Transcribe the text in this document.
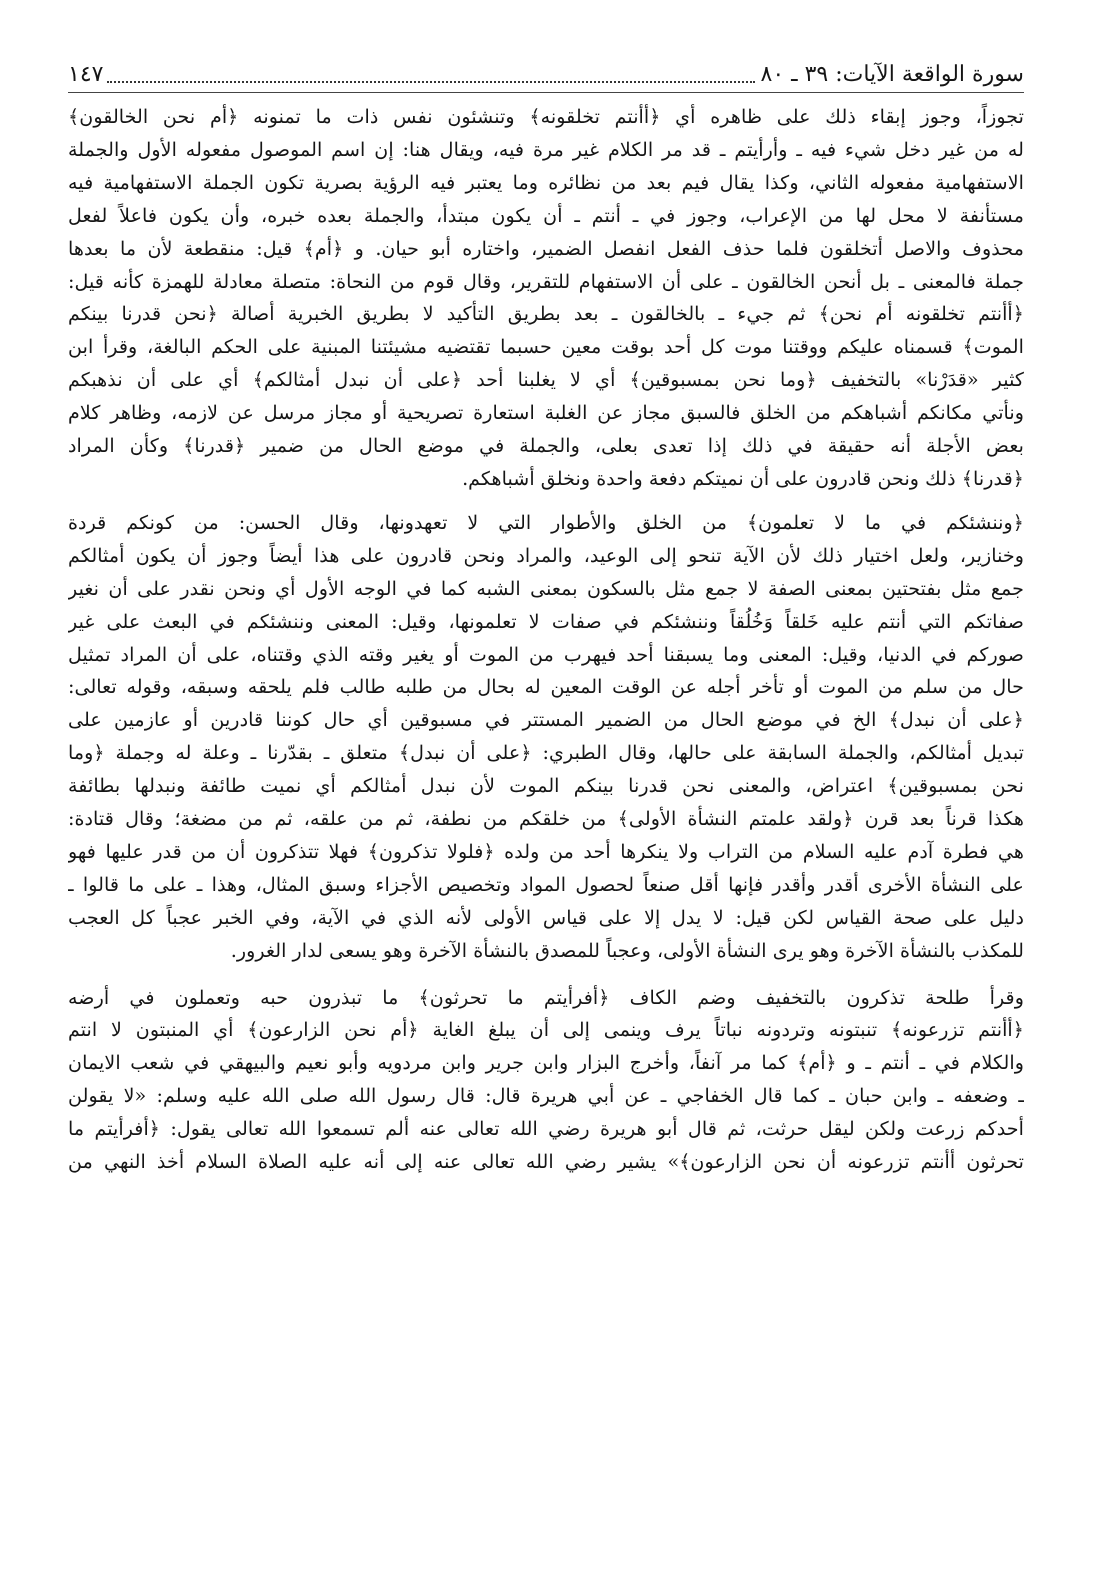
سورة الواقعة الآيات: ٣٩ ـ ٨٠
١٤٧
تجوزاً، وجوز إبقاء ذلك على ظاهره أي ﴿أأنتم تخلقونه﴾ وتنشئون نفس ذات ما تمنونه ﴿أم نحن الخالقون﴾
له من غير دخل شيء فيه ـ وأرأيتم ـ قد مر الكلام غير مرة فيه، ويقال هنا: إن اسم الموصول مفعوله الأول والجملة
الاستفهامية مفعوله الثاني، وكذا يقال فيم بعد من نظائره وما يعتبر فيه الرؤية بصرية تكون الجملة الاستفهامية فيه
مستأنفة لا محل لها من الإعراب، وجوز في ـ أنتم ـ أن يكون مبتدأ، والجملة بعده خبره، وأن يكون فاعلاً لفعل
محذوف والاصل أتخلقون فلما حذف الفعل انفصل الضمير، واختاره أبو حيان. و ﴿أم﴾ قيل: منقطعة لأن ما بعدها
جملة فالمعنى ـ بل أنحن الخالقون ـ على أن الاستفهام للتقرير، وقال قوم من النحاة: متصلة معادلة للهمزة كأنه قيل:
﴿أأنتم تخلقونه أم نحن﴾ ثم جيء ـ بالخالقون ـ بعد بطريق التأكيد لا بطريق الخبرية أصالة ﴿نحن قدرنا بينكم
الموت﴾ قسمناه عليكم ووقتنا موت كل أحد بوقت معين حسبما تقتضيه مشيئتنا المبنية على الحكم البالغة، وقرأ ابن
كثير «قدَرْنا» بالتخفيف ﴿وما نحن بمسبوقين﴾ أي لا يغلبنا أحد ﴿على أن نبدل أمثالكم﴾ أي على أن نذهبكم
ونأتي مكانكم أشباهكم من الخلق فالسبق مجاز عن الغلبة استعارة تصريحية أو مجاز مرسل عن لازمه، وظاهر كلام
بعض الأجلة أنه حقيقة في ذلك إذا تعدى بعلى، والجملة في موضع الحال من ضمير ﴿قدرنا﴾ وكأن المراد
﴿قدرنا﴾ ذلك ونحن قادرون على أن نميتكم دفعة واحدة ونخلق أشباهكم.
﴿وننشئكم في ما لا تعلمون﴾ من الخلق والأطوار التي لا تعهدونها، وقال الحسن: من كونكم قردة
وخنازير، ولعل اختيار ذلك لأن الآية تنحو إلى الوعيد، والمراد ونحن قادرون على هذا أيضاً وجوز أن يكون أمثالكم
جمع مثل بفتحتين بمعنى الصفة لا جمع مثل بالسكون بمعنى الشبه كما في الوجه الأول أي ونحن نقدر على أن نغير
صفاتكم التي أنتم عليه خَلقاً وَخُلُقاً وننشئكم في صفات لا تعلمونها، وقيل: المعنى وننشئكم في البعث على غير
صوركم في الدنيا، وقيل: المعنى وما يسبقنا أحد فيهرب من الموت أو يغير وقته الذي وقتناه، على أن المراد تمثيل
حال من سلم من الموت أو تأخر أجله عن الوقت المعين له بحال من طلبه طالب فلم يلحقه وسبقه، وقوله تعالى:
﴿على أن نبدل﴾ الخ في موضع الحال من الضمير المستتر في مسبوقين أي حال كوننا قادرين أو عازمين على
تبديل أمثالكم، والجملة السابقة على حالها، وقال الطبري: ﴿على أن نبدل﴾ متعلق ـ بقدّرنا ـ وعلة له وجملة ﴿وما
نحن بمسبوقين﴾ اعتراض، والمعنى نحن قدرنا بينكم الموت لأن نبدل أمثالكم أي نميت طائفة ونبدلها بطائفة
هكذا قرناً بعد قرن ﴿ولقد علمتم النشأة الأولى﴾ من خلقكم من نطفة، ثم من علقه، ثم من مضغة؛ وقال قتادة:
هي فطرة آدم عليه السلام من التراب ولا ينكرها أحد من ولده ﴿فلولا تذكرون﴾ فهلا تتذكرون أن من قدر عليها فهو
على النشأة الأخرى أقدر وأقدر فإنها أقل صنعاً لحصول المواد وتخصيص الأجزاء وسبق المثال، وهذا ـ على ما قالوا ـ
دليل على صحة القياس لكن قيل: لا يدل إلا على قياس الأولى لأنه الذي في الآية، وفي الخبر عجباً كل العجب
للمكذب بالنشأة الآخرة وهو يرى النشأة الأولى، وعجباً للمصدق بالنشأة الآخرة وهو يسعى لدار الغرور.
وقرأ طلحة تذكرون بالتخفيف وضم الكاف ﴿أفرأيتم ما تحرثون﴾ ما تبذرون حبه وتعملون في أرضه
﴿أأنتم تزرعونه﴾ تنبتونه وتردونه نباتاً يرف وينمى إلى أن يبلغ الغاية ﴿أم نحن الزارعون﴾ أي المنبتون لا انتم
والكلام في ـ أنتم ـ و ﴿أم﴾ كما مر آنفاً، وأخرج البزار وابن جرير وابن مردويه وأبو نعيم والبيهقي في شعب الايمان
ـ وضعفه ـ وابن حبان ـ كما قال الخفاجي ـ عن أبي هريرة قال: قال رسول الله صلى الله عليه وسلم: «لا يقولن
أحدكم زرعت ولكن ليقل حرثت، ثم قال أبو هريرة رضي الله تعالى عنه ألم تسمعوا الله تعالى يقول: ﴿أفرأيتم ما
تحرثون أأنتم تزرعونه أن نحن الزارعون﴾» يشير رضي الله تعالى عنه إلى أنه عليه الصلاة السلام أخذ النهي من
